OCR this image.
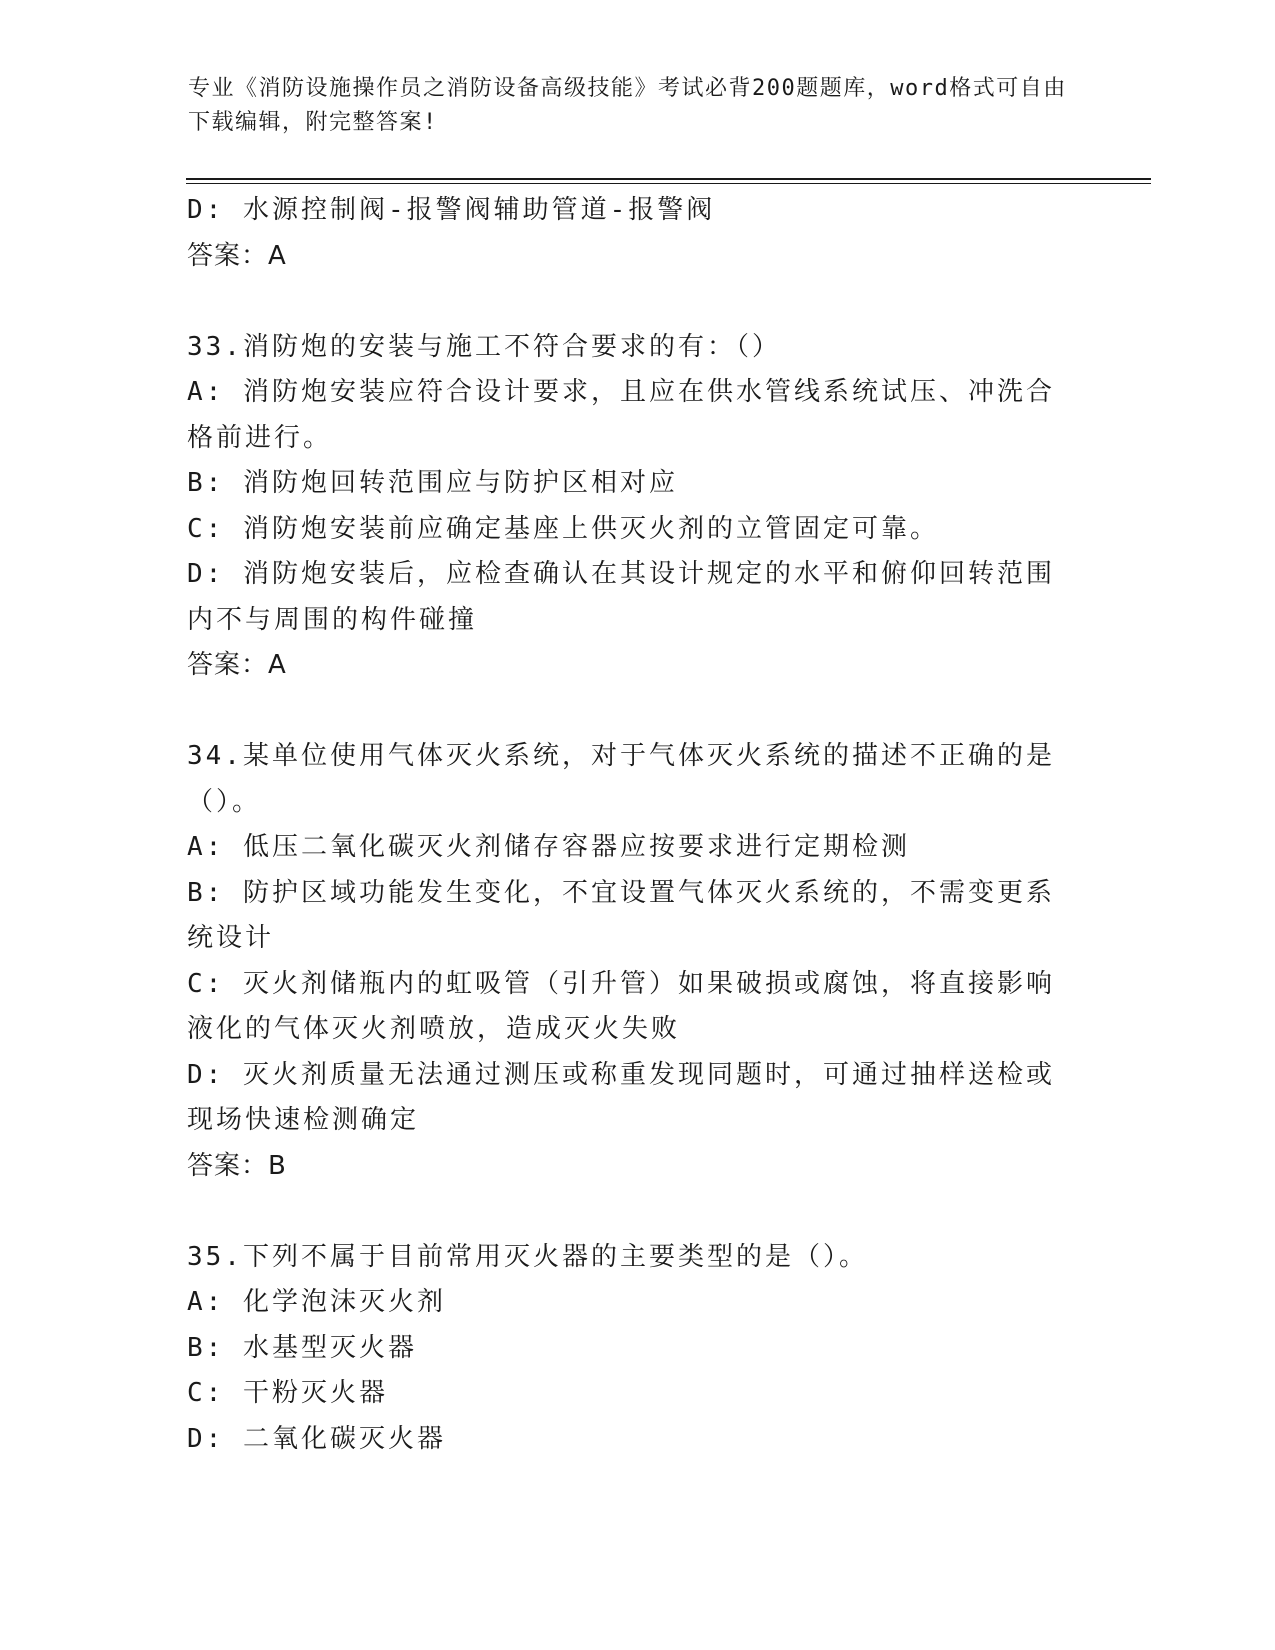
专业《消防设施操作员之消防设备高级技能》考试必背200题题库，word格式可自由下载编辑，附完整答案!

D: 水源控制阀-报警阀辅助管道-报警阀

答案：A

33.消防炮的安装与施工不符合要求的有：（）

A: 消防炮安装应符合设计要求，且应在供水管线系统试压、冲洗合格前进行。

B: 消防炮回转范围应与防护区相对应

C: 消防炮安装前应确定基座上供灭火剂的立管固定可靠。

D: 消防炮安装后，应检查确认在其设计规定的水平和俯仰回转范围内不与周围的构件碰撞

答案：A

34.某单位使用气体灭火系统，对于气体灭火系统的描述不正确的是（）。

A: 低压二氧化碳灭火剂储存容器应按要求进行定期检测

B: 防护区域功能发生变化，不宜设置气体灭火系统的，不需变更系统设计

C: 灭火剂储瓶内的虹吸管（引升管）如果破损或腐蚀，将直接影响液化的气体灭火剂喷放，造成灭火失败

D: 灭火剂质量无法通过测压或称重发现同题时，可通过抽样送检或现场快速检测确定

答案：B

35.下列不属于目前常用灭火器的主要类型的是（）。

A: 化学泡沫灭火剂

B: 水基型灭火器

C: 干粉灭火器

D: 二氧化碳灭火器
